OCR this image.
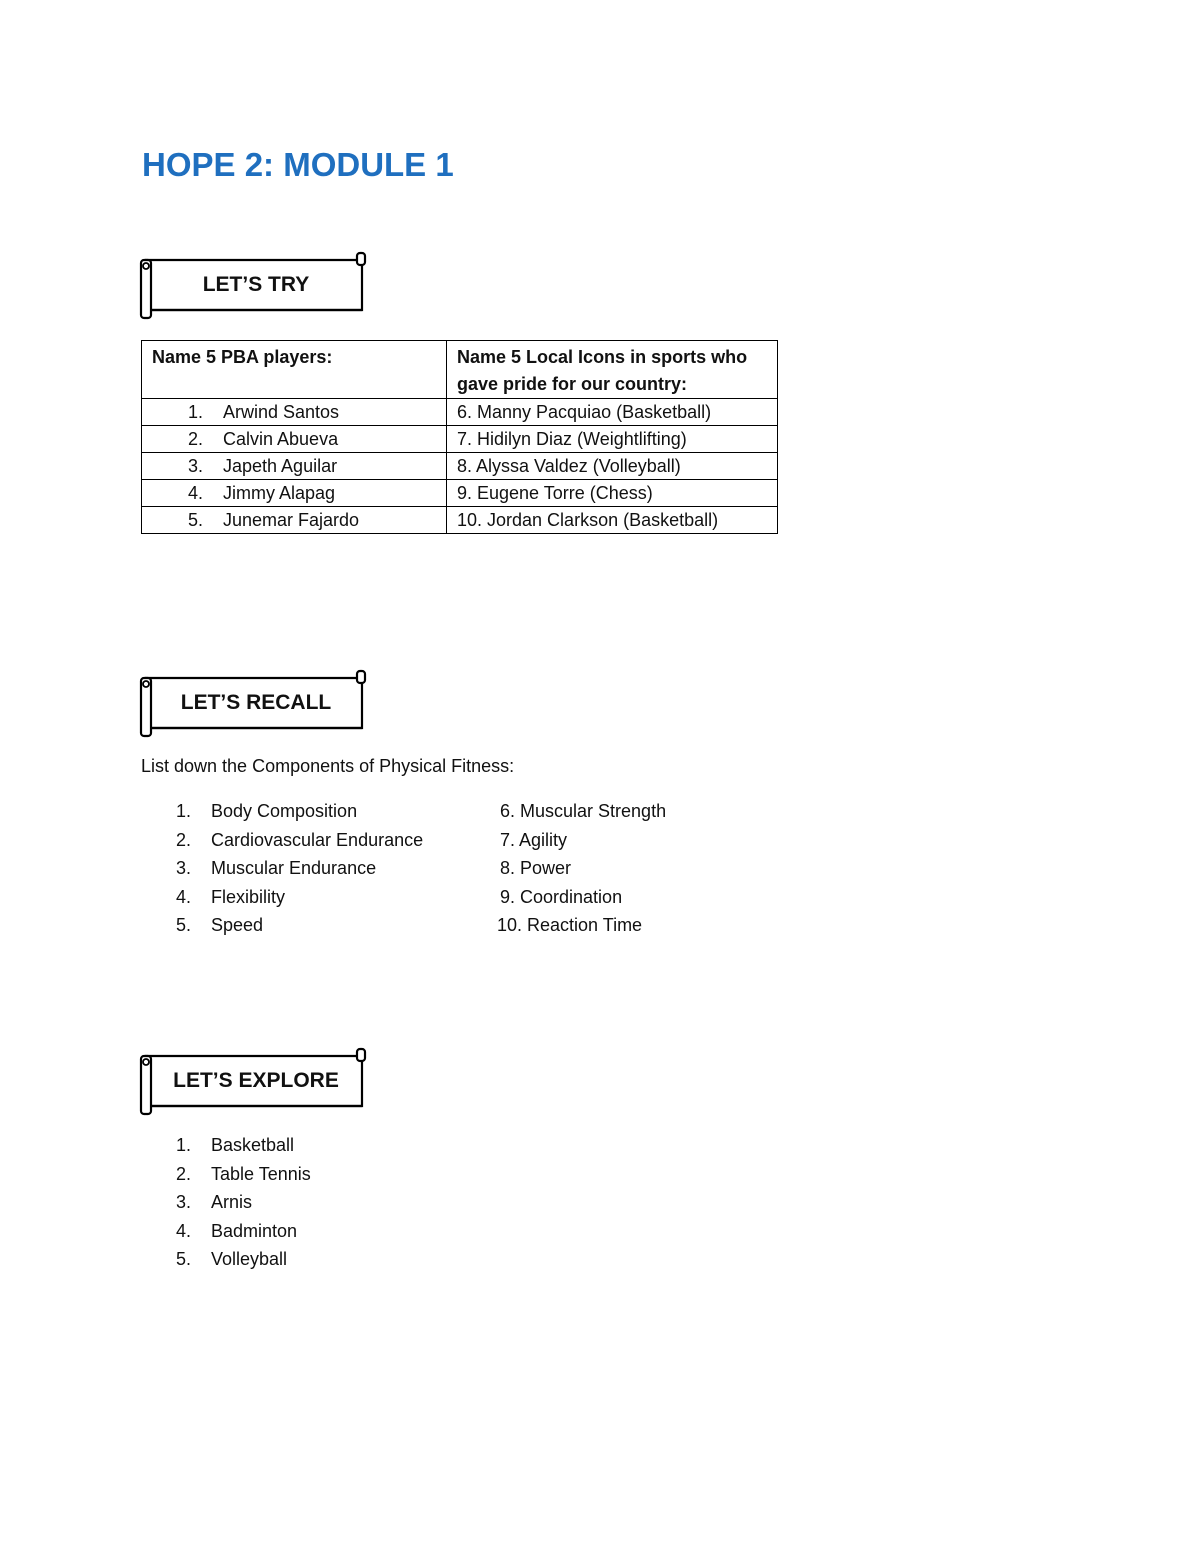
HOPE 2: MODULE 1
LET’S TRY
Name 5 PBA players:	Name 5 Local Icons in sports who gave pride for our country:
1. Arwind Santos	6. Manny Pacquiao (Basketball)
2. Calvin Abueva	7. Hidilyn Diaz (Weightlifting)
3. Japeth Aguilar	8. Alyssa Valdez (Volleyball)
4. Jimmy Alapag	9. Eugene Torre (Chess)
5. Junemar Fajardo	10. Jordan Clarkson (Basketball)
LET’S RECALL

List down the Components of Physical Fitness:

1. Body Composition
2. Cardiovascular Endurance
3. Muscular Endurance
4. Flexibility
5. Speed
6. Muscular Strength
7. Agility
8. Power
9. Coordination
10. Reaction Time
LET’S EXPLORE
1. Basketball
2. Table Tennis
3. Arnis
4. Badminton
5. Volleyball
